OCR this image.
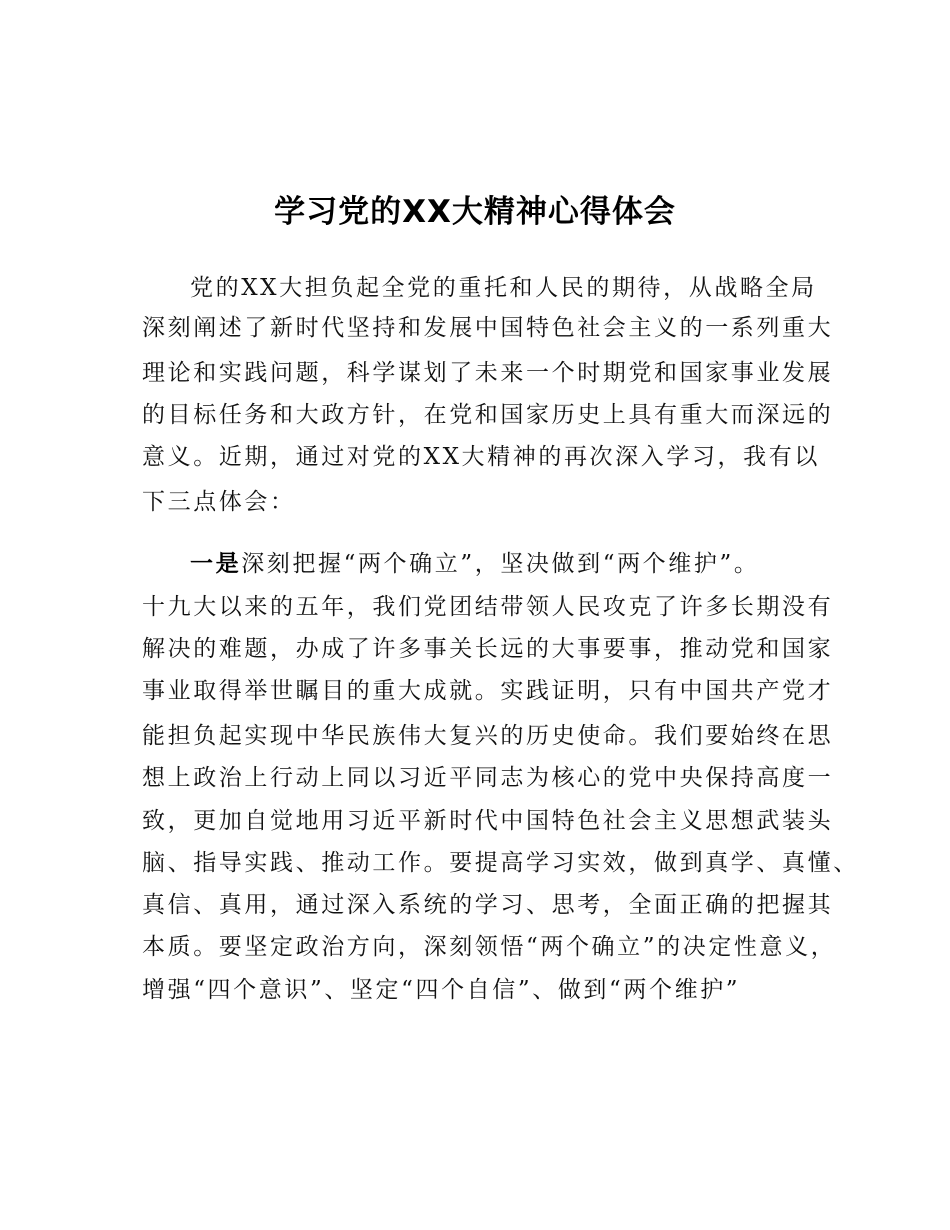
学习党的XX大精神心得体会
党的XX大担负起全党的重托和人民的期待，从战略全局
深刻阐述了新时代坚持和发展中国特色社会主义的一系列重大
理论和实践问题，科学谋划了未来一个时期党和国家事业发展
的目标任务和大政方针，在党和国家历史上具有重大而深远的
意义。近期，通过对党的XX大精神的再次深入学习，我有以
下三点体会：
一是深刻把握“两个确立”，坚决做到“两个维护”。
十九大以来的五年，我们党团结带领人民攻克了许多长期没有
解决的难题，办成了许多事关长远的大事要事，推动党和国家
事业取得举世瞩目的重大成就。实践证明，只有中国共产党才
能担负起实现中华民族伟大复兴的历史使命。我们要始终在思
想上政治上行动上同以习近平同志为核心的党中央保持高度一
致，更加自觉地用习近平新时代中国特色社会主义思想武装头
脑、指导实践、推动工作。要提高学习实效，做到真学、真懂、
真信、真用，通过深入系统的学习、思考，全面正确的把握其
本质。要坚定政治方向，深刻领悟“两个确立”的决定性意义，
增强“四个意识”、坚定“四个自信”、做到“两个维护”
